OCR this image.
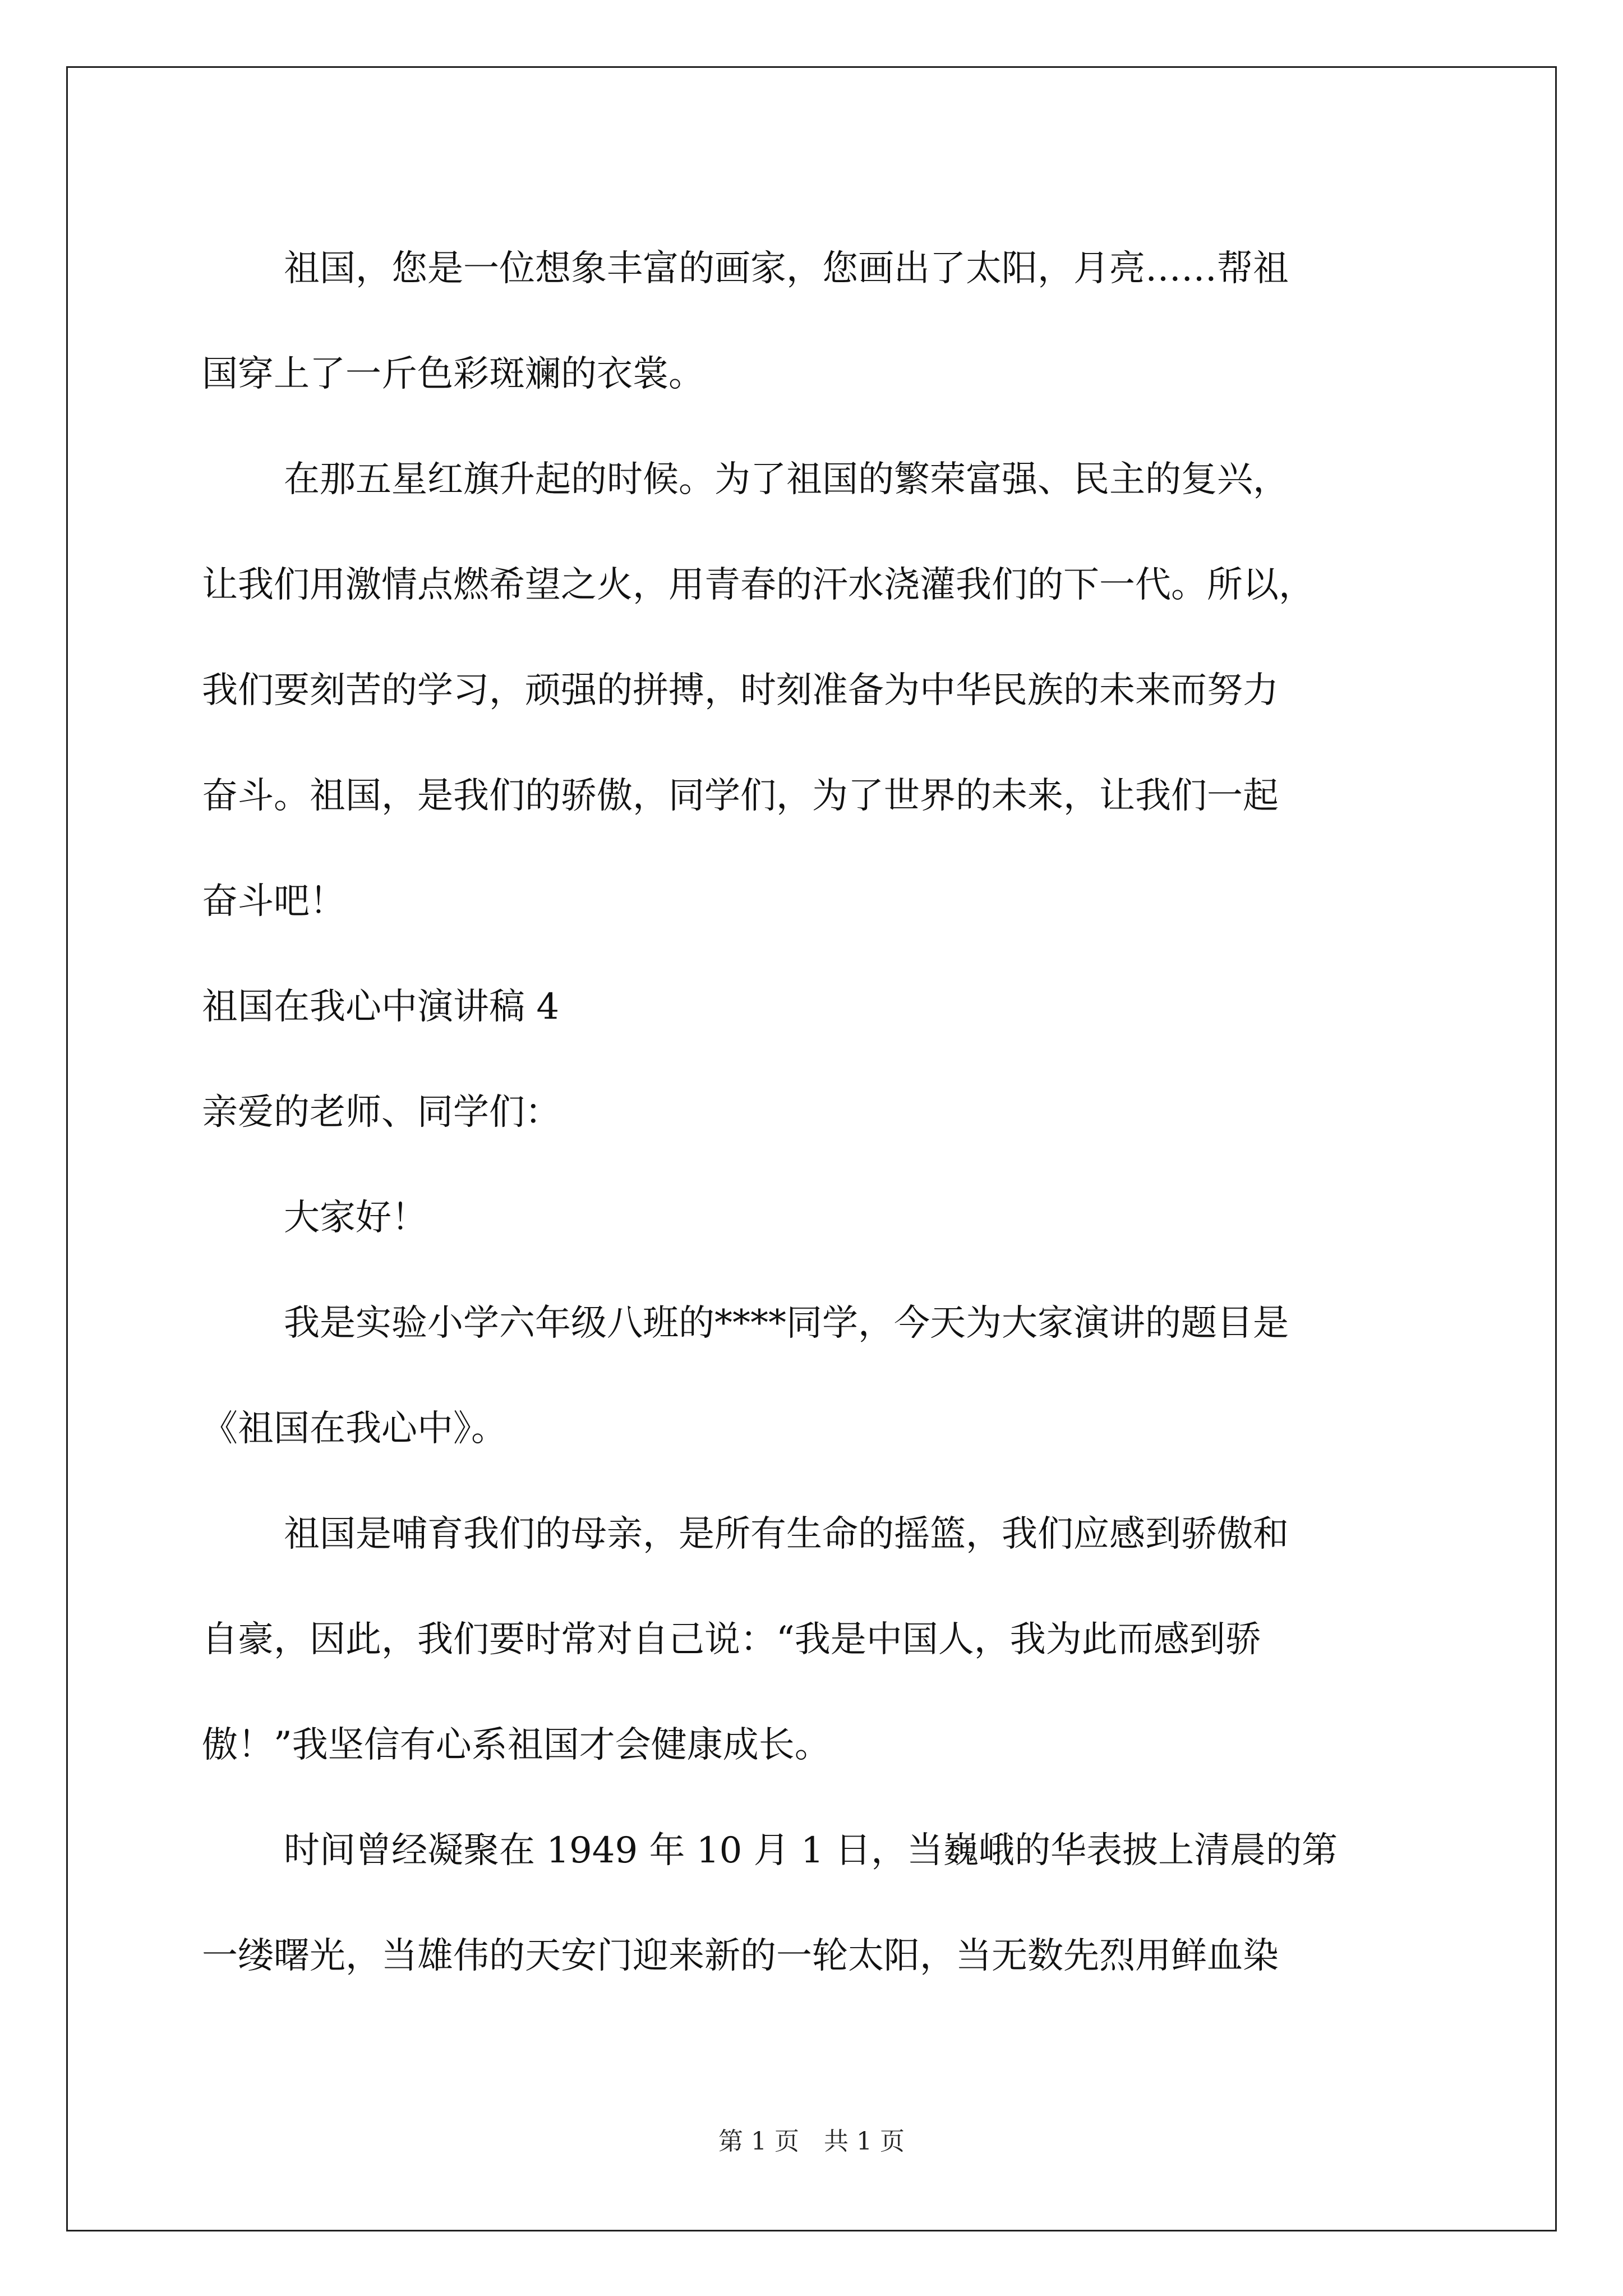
祖国，您是一位想象丰富的画家，您画出了太阳，月亮……帮祖
国穿上了一斤色彩斑斓的衣裳。
在那五星红旗升起的时候。为了祖国的繁荣富强、民主的复兴，
让我们用激情点燃希望之火，用青春的汗水浇灌我们的下一代。所以，
我们要刻苦的学习，顽强的拼搏，时刻准备为中华民族的未来而努力
奋斗。祖国，是我们的骄傲，同学们，为了世界的未来，让我们一起
奋斗吧！
祖国在我心中演讲稿 4
亲爱的老师、同学们：
大家好！
我是实验小学六年级八班的****同学，今天为大家演讲的题目是
《祖国在我心中》。
祖国是哺育我们的母亲，是所有生命的摇篮，我们应感到骄傲和
自豪，因此，我们要时常对自己说：“我是中国人，我为此而感到骄
傲！”我坚信有心系祖国才会健康成长。
时间曾经凝聚在 1949 年 10 月 1 日，当巍峨的华表披上清晨的第
一缕曙光，当雄伟的天安门迎来新的一轮太阳，当无数先烈用鲜血染
第 1 页　共 1 页
